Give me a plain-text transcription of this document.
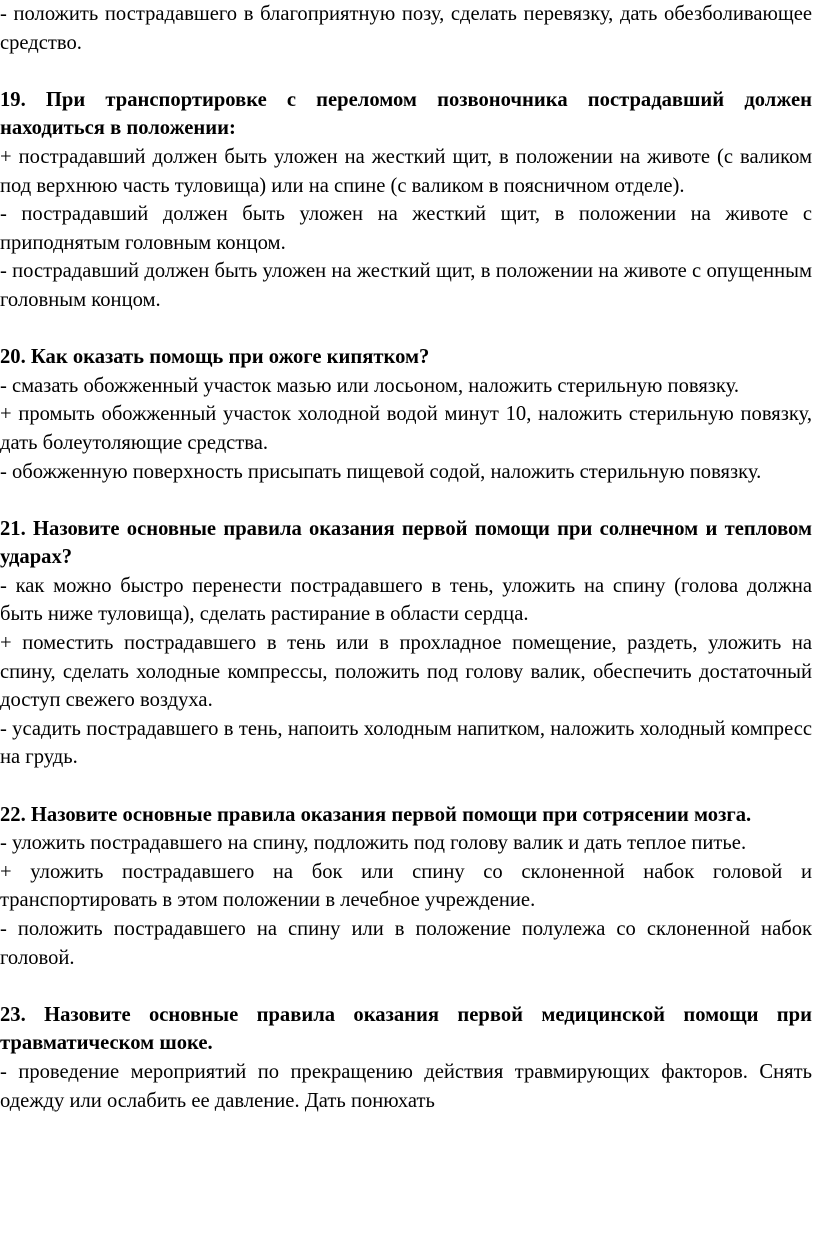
- положить пострадавшего в благоприятную позу, сделать перевязку, дать обезболивающее средство.

19. При транспортировке с переломом позвоночника пострадавший должен находиться в положении:

+ пострадавший должен быть уложен на жесткий щит, в положении на животе (с валиком под верхнюю часть туловища) или на спине (с валиком в поясничном отделе).

- пострадавший должен быть уложен на жесткий щит, в положении на животе с приподнятым головным концом.

- пострадавший должен быть уложен на жесткий щит, в положении на животе с опущенным головным концом.

20. Как оказать помощь при ожоге кипятком?

- смазать обожженный участок мазью или лосьоном, наложить стерильную повязку.

+ промыть обожженный участок холодной водой минут 10, наложить стерильную повязку, дать болеутоляющие средства.

- обожженную поверхность присыпать пищевой содой, наложить стерильную повязку.

21. Назовите основные правила оказания первой помощи при солнечном и тепловом ударах?

- как можно быстро перенести пострадавшего в тень, уложить на спину (голова должна быть ниже туловища), сделать растирание в области сердца.

+ поместить пострадавшего в тень или в прохладное помещение, раздеть, уложить на спину, сделать холодные компрессы, положить под голову валик, обеспечить достаточный доступ свежего воздуха.

- усадить пострадавшего в тень, напоить холодным напитком, наложить холодный компресс на грудь.

22. Назовите основные правила оказания первой помощи при сотрясении мозга.

- уложить пострадавшего на спину, подложить под голову валик и дать теплое питье.

+ уложить пострадавшего на бок или спину со склоненной набок головой и транспортировать в этом положении в лечебное учреждение.

- положить пострадавшего на спину или в положение полулежа со склоненной набок головой.

23. Назовите основные правила оказания первой медицинской помощи при травматическом шоке.

- проведение мероприятий по прекращению действия травмирующих факторов. Снять одежду или ослабить ее давление. Дать понюхать
